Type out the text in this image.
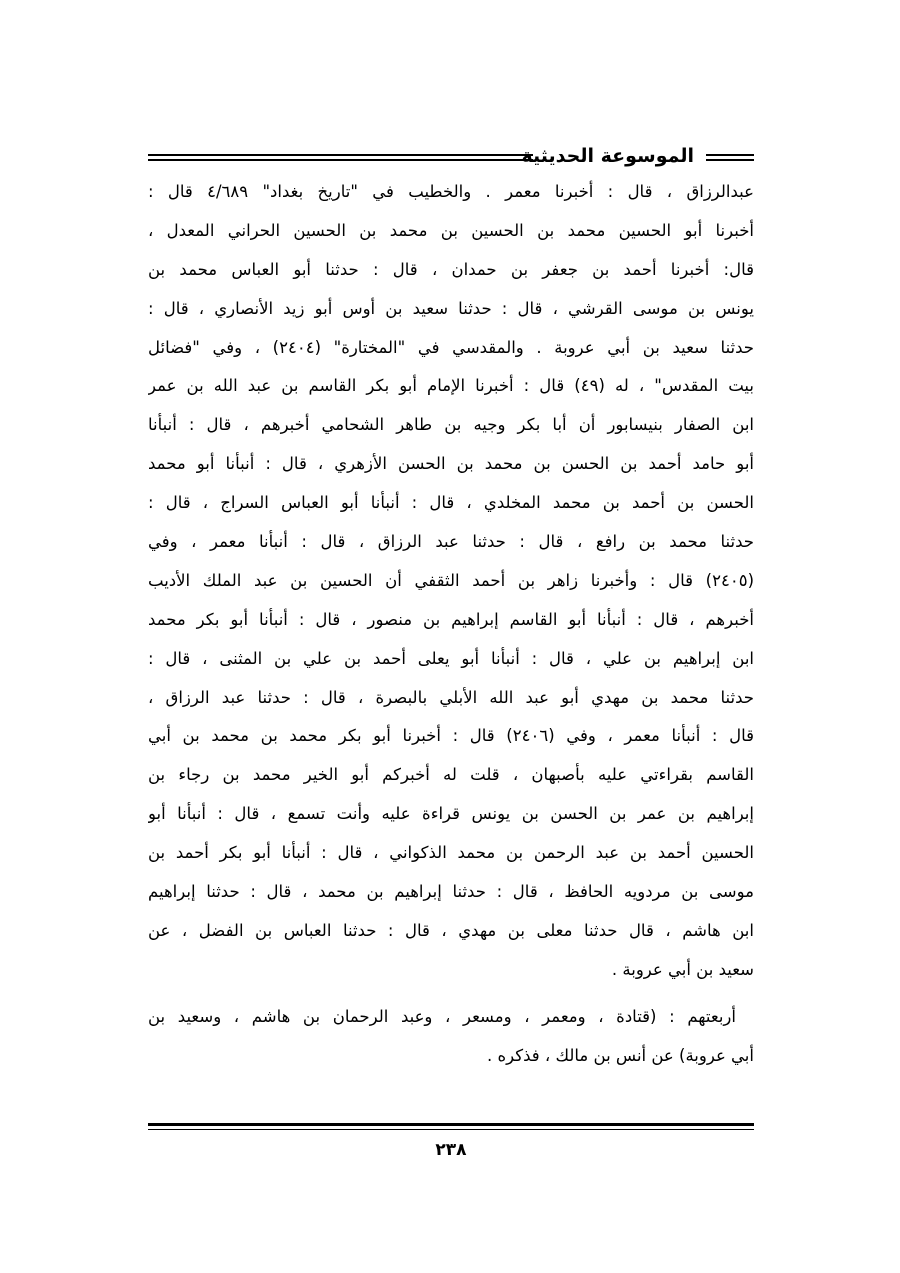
الموسوعة الحديثية
عبدالرزاق ، قال : أخبرنا معمر . والخطيب في "تاريخ بغداد" ٤/٦٨٩ قال :
أخبرنا أبو الحسين محمد بن الحسين بن محمد بن الحسين الحراني المعدل ،
قال: أخبرنا أحمد بن جعفر بن حمدان ، قال : حدثنا أبو العباس محمد بن
يونس بن موسى القرشي ، قال : حدثنا سعيد بن أوس أبو زيد الأنصاري ، قال :
حدثنا سعيد بن أبي عروبة . والمقدسي في "المختارة" (٢٤٠٤) ، وفي "فضائل
بيت المقدس" ، له (٤٩) قال : أخبرنا الإمام أبو بكر القاسم بن عبد الله بن عمر
ابن الصفار بنيسابور أن أبا بكر وجيه بن طاهر الشحامي أخبرهم ، قال : أنبأنا
أبو حامد أحمد بن الحسن بن محمد بن الحسن الأزهري ، قال : أنبأنا أبو محمد
الحسن بن أحمد بن محمد المخلدي ، قال : أنبأنا أبو العباس السراج ، قال :
حدثنا محمد بن رافع ، قال : حدثنا عبد الرزاق ، قال : أنبأنا معمر ، وفي
(٢٤٠٥) قال : وأخبرنا زاهر بن أحمد الثقفي أن الحسين بن عبد الملك الأديب
أخبرهم ، قال : أنبأنا أبو القاسم إبراهيم بن منصور ، قال : أنبأنا أبو بكر محمد
ابن إبراهيم بن علي ، قال : أنبأنا أبو يعلى أحمد بن علي بن المثنى ، قال :
حدثنا محمد بن مهدي أبو عبد الله الأبلي بالبصرة ، قال : حدثنا عبد الرزاق ،
قال : أنبأنا معمر ، وفي (٢٤٠٦) قال : أخبرنا أبو بكر محمد بن محمد بن أبي
القاسم بقراءتي عليه بأصبهان ، قلت له أخبركم أبو الخير محمد بن رجاء بن
إبراهيم بن عمر بن الحسن بن يونس قراءة عليه وأنت تسمع ، قال : أنبأنا أبو
الحسين أحمد بن عبد الرحمن بن محمد الذكواني ، قال : أنبأنا أبو بكر أحمد بن
موسى بن مردويه الحافظ ، قال : حدثنا إبراهيم بن محمد ، قال : حدثنا إبراهيم
ابن هاشم ، قال حدثنا معلى بن مهدي ، قال : حدثنا العباس بن الفضل ، عن
سعيد بن أبي عروبة .
أربعتهم : (قتادة ، ومعمر ، ومسعر ، وعبد الرحمان بن هاشم ، وسعيد بن
أبي عروبة) عن أنس بن مالك ، فذكره .
٢٣٨
